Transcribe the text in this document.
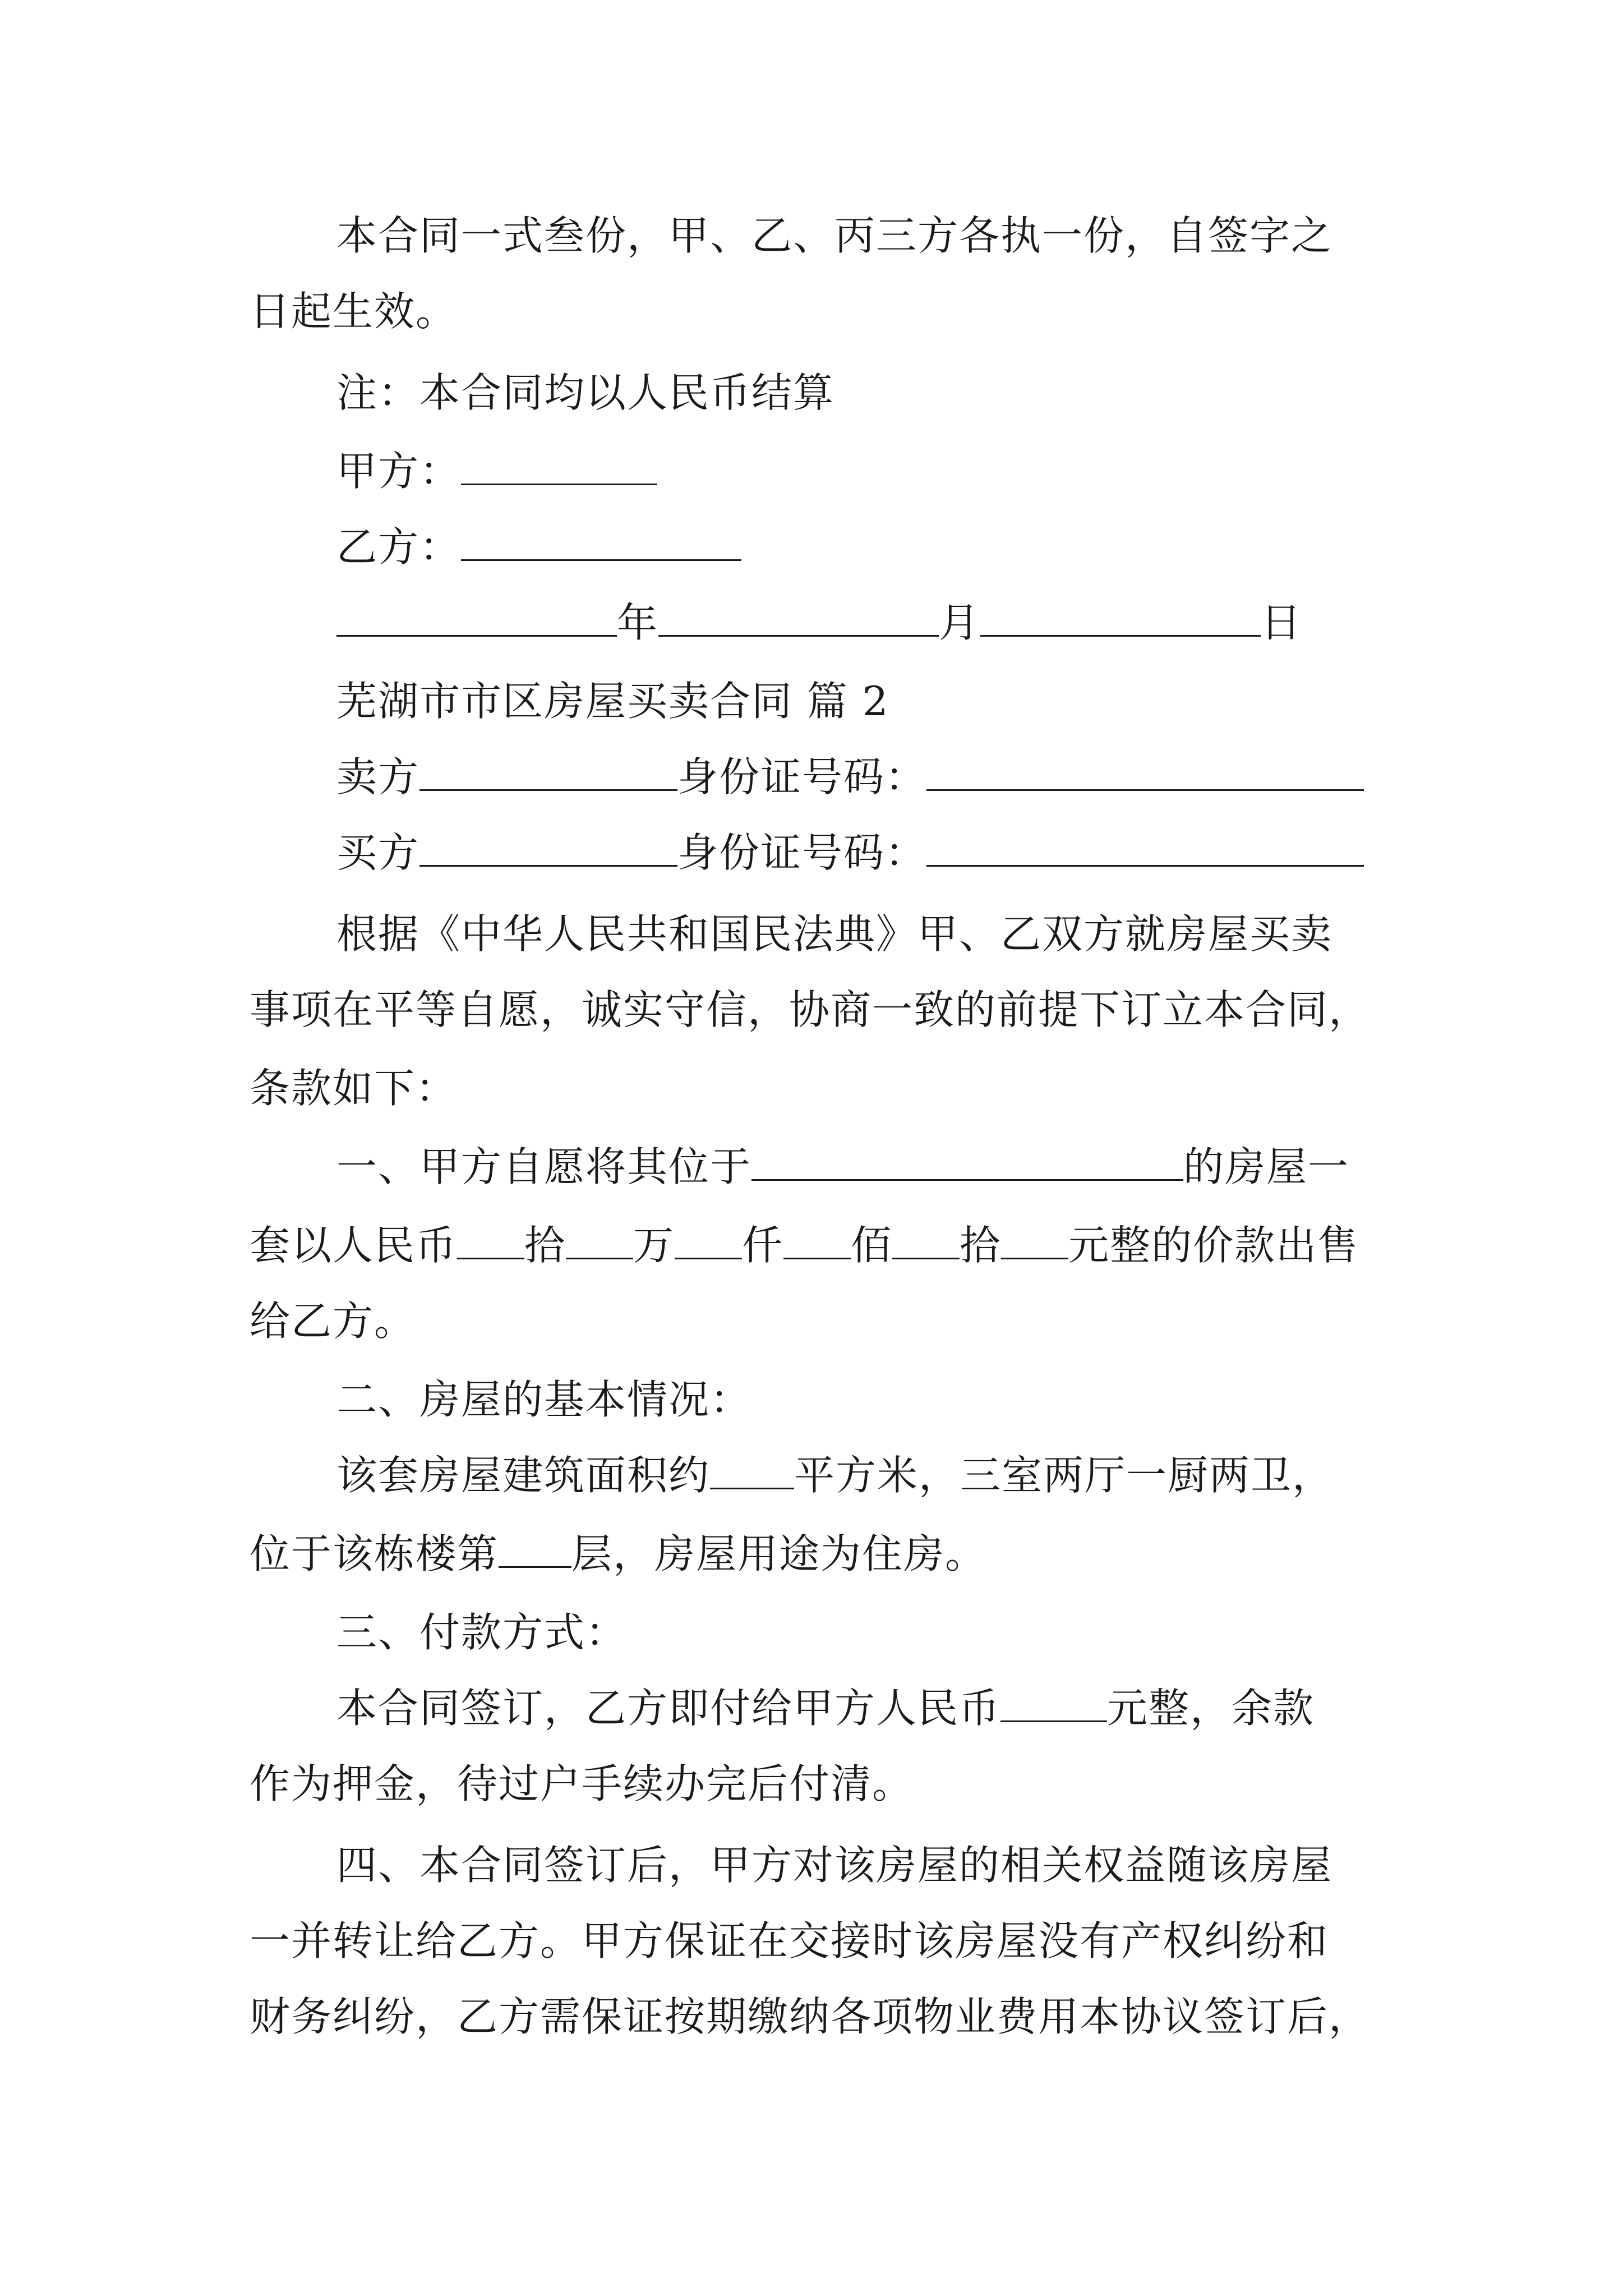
本合同一式叁份，甲、乙、丙三方各执一份，自签字之
日起生效。
注：本合同均以人民币结算
甲方：
乙方：
年	月	日
芜湖市市区房屋买卖合同 篇 2
卖方	身份证号码：
买方	身份证号码：
根据《中华人民共和国民法典》甲、乙双方就房屋买卖
事项在平等自愿，诚实守信，协商一致的前提下订立本合同，
条款如下：
一、甲方自愿将其位于	的房屋一
套以人民币 拾 万 仟 佰 拾 元整的价款出售
给乙方。
二、房屋的基本情况：
该套房屋建筑面积约 平方米，三室两厅一厨两卫，
位于该栋楼第 层，房屋用途为住房。
三、付款方式：
本合同签订，乙方即付给甲方人民币	元整，余款
作为押金，待过户手续办完后付清。
四、本合同签订后，甲方对该房屋的相关权益随该房屋
一并转让给乙方。甲方保证在交接时该房屋没有产权纠纷和
财务纠纷，乙方需保证按期缴纳各项物业费用本协议签订后，
